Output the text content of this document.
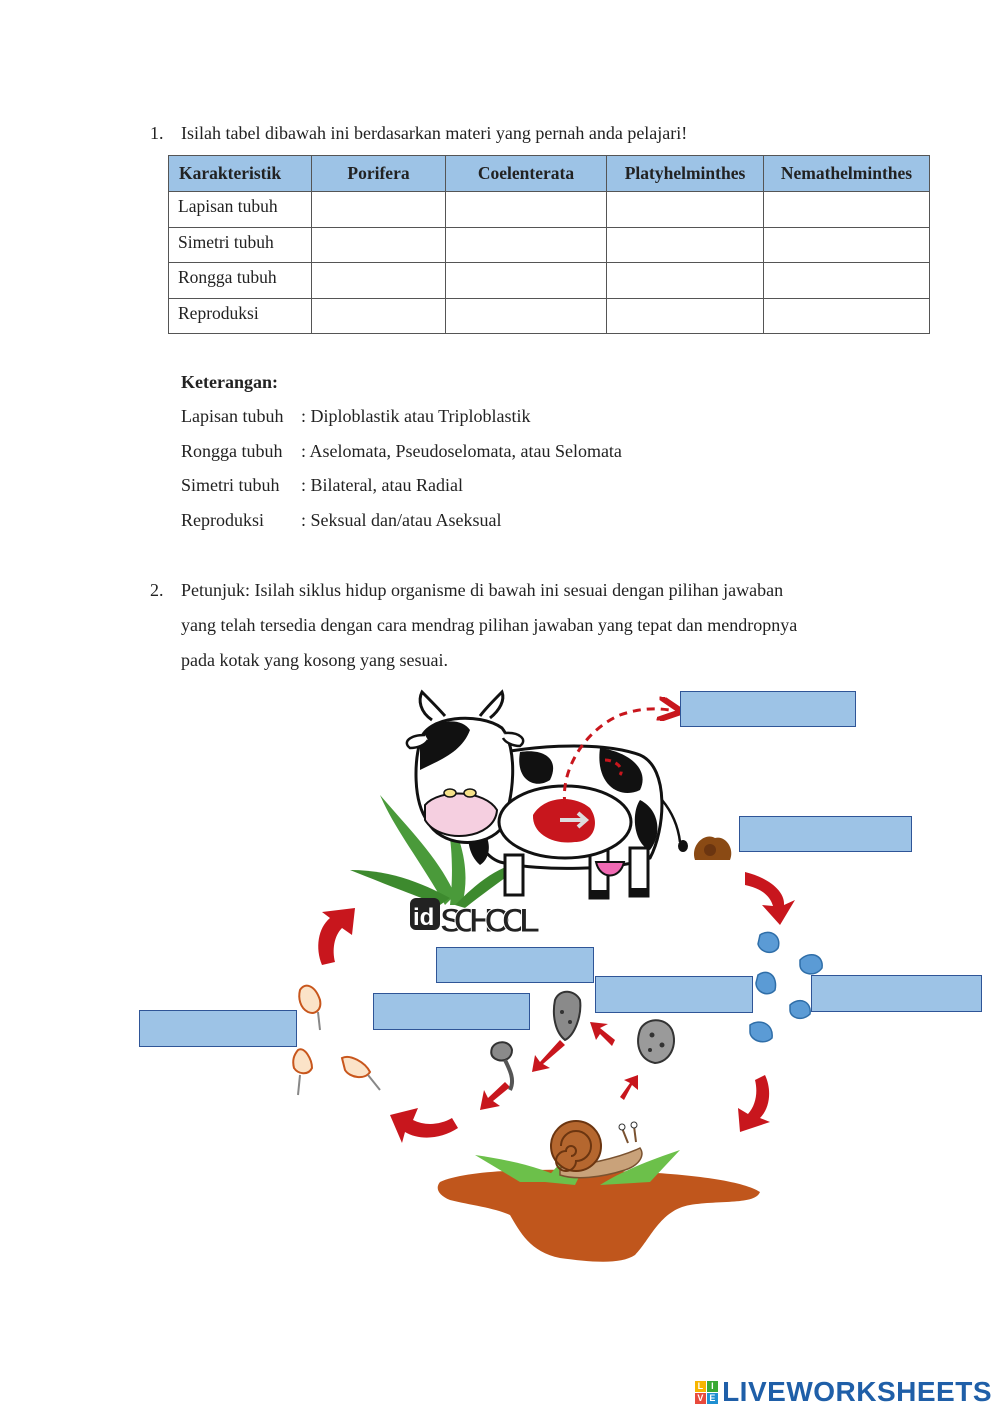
1. Isilah tabel dibawah ini berdasarkan materi yang pernah anda pelajari!
Karakteristik	Porifera	Coelenterata	Platyhelminthes	Nemathelminthes
Lapisan tubuh				
Simetri tubuh				
Rongga tubuh				
Reproduksi				
Keterangan:
Lapisan tubuh : Diploblastik atau Triploblastik
Rongga tubuh : Aselomata, Pseudoselomata, atau Selomata
Simetri tubuh : Bilateral, atau Radial
Reproduksi : Seksual dan/atau Aseksual
2. Petunjuk: Isilah siklus hidup organisme di bawah ini sesuai dengan pilihan jawaban
yang telah tersedia dengan cara mendrag pilihan jawaban yang tepat dan mendropnya
pada kotak yang kosong yang sesuai.
id SCHOOL
L I
V E LIVEWORKSHEETS
